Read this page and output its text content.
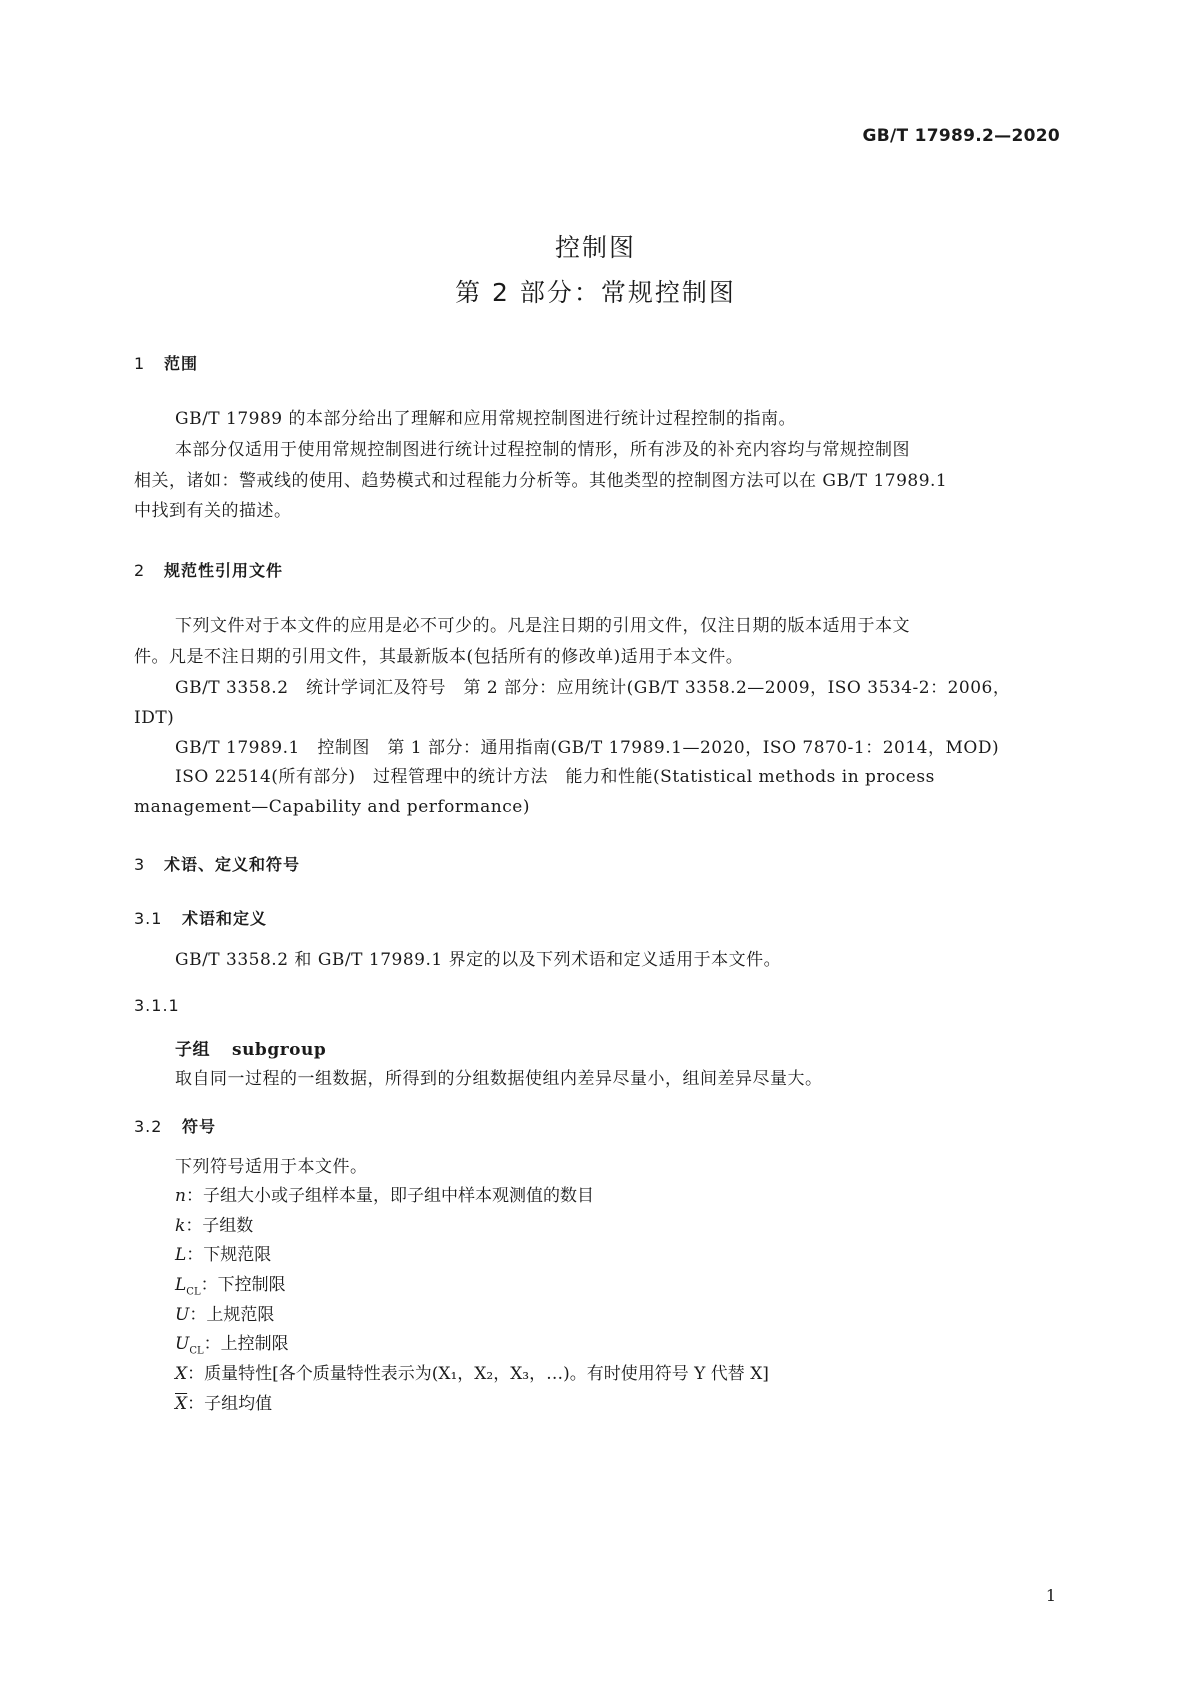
GB/T 17989.2—2020
控制图
第 2 部分：常规控制图
1 范围
GB/T 17989 的本部分给出了理解和应用常规控制图进行统计过程控制的指南。
本部分仅适用于使用常规控制图进行统计过程控制的情形，所有涉及的补充内容均与常规控制图
相关，诸如：警戒线的使用、趋势模式和过程能力分析等。其他类型的控制图方法可以在 GB/T 17989.1
中找到有关的描述。
2 规范性引用文件
下列文件对于本文件的应用是必不可少的。凡是注日期的引用文件，仅注日期的版本适用于本文
件。凡是不注日期的引用文件，其最新版本(包括所有的修改单)适用于本文件。
GB/T 3358.2　统计学词汇及符号　第 2 部分：应用统计(GB/T 3358.2—2009，ISO 3534-2：2006，
IDT)
GB/T 17989.1　控制图　第 1 部分：通用指南(GB/T 17989.1—2020，ISO 7870-1：2014，MOD)
ISO 22514(所有部分)　过程管理中的统计方法　能力和性能(Statistical methods in process
management—Capability and performance)
3 术语、定义和符号
3.1 术语和定义
GB/T 3358.2 和 GB/T 17989.1 界定的以及下列术语和定义适用于本文件。
3.1.1
子组 subgroup
取自同一过程的一组数据，所得到的分组数据使组内差异尽量小，组间差异尽量大。
3.2 符号
下列符号适用于本文件。
n：子组大小或子组样本量，即子组中样本观测值的数目
k：子组数
L：下规范限
$L_{CL}$：下控制限
U：上规范限
$U_{CL}$：上控制限
X：质量特性[各个质量特性表示为(X₁，X₂，X₃，…)。有时使用符号 Y 代替 X]
$\overline{X}$：子组均值
1
